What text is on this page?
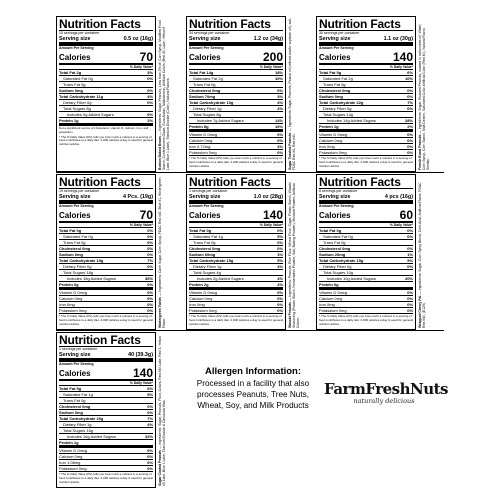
Nutrition Facts
15 servings per container
Serving size	0.5 oz (16g)
Amount Per Serving
Calories	70
% Daily Value*
Total Fat 2g	3%
Saturated Fat 0g	0%
Trans Fat 0g
Sodium 0mg	0%
Total Carbohydrate 11g	4%
Dietary Fiber 0g	0%
Total Sugars 8g
Includes 0g Added Sugars	0%
Protein 1g	2%
Not a significant source of cholesterol, vitamin D, calcium, iron, and potassium.
* The % Daily Value (DV) tells you how much a nutrient in a serving of food contributes to a daily diet. 2,000 calories a day is used for general nutrition advice.	Boston Baked Beans — Ingredients: Sugar, Peanuts, Less than 2% of: Corn Syrup, Modified Food Starch, Confectioners Glaze, Gum Arabic, Maltodextrin, Artificial Colors (Red 40, Lake, Yellow 6 Lake, Blue 1 Lake), Titanium Dioxide (Color), Natural Flavors.
Nutrition Facts
34 servings per container
Serving size	1.2 oz (34g)
Amount Per Serving
Calories	200
% Daily Value*
Total Fat 14g	18%
Saturated Fat 2g	10%
Trans Fat 0g
Cholesterol 0mg	0%
Sodium 70mg	3%
Total Carbohydrate 10g	4%
Dietary Fiber 1g	4%
Total Sugars 8g
Includes 7g Added Sugars	14%
Protein 8g	16%
Vitamin D 0mcg	0%
Calcium 0mg	0%
Iron 0.72mg	4%
Potassium 0mg	0%
* The % Daily Value (DV) tells you how much a nutrient in a serving of food contributes to a daily diet. 2,000 calories a day is used for general nutrition advice.	Sugar Toasted Peanuts — Ingredients: Sugar, Peanuts, Peanut oil (refined and/or soybean oil), salt, FD&C Red #3, Red #40.
Nutrition Facts
30 servings per container
Serving size	1.1 oz (30g)
Amount Per Serving
Calories	140
% Daily Value*
Total Fat 5g	6%
Saturated Fat 2g	10%
Trans Fat 0g
Cholesterol 0mg	0%
Sodium 0mg	0%
Total Carbohydrate 22g	7%
Dietary Fiber 0g	0%
Total Sugars 14g
Includes 14g Added Sugars	28%
Protein 1g	2%
Vitamin D 0mcg	0%
Calcium 0mg	0%
Iron 0mg	0%
Potassium 0mg	0%
* The % Daily Value (DV) tells you how much a nutrient in a serving of food contributes to a daily diet. 2,000 calories a day is used for general nutrition advice.	French Burnt Peanuts — Ingredients: Sugar, Roasted Peanuts, roasted in cottonseed oil, Water, Corn Syrup, Corn Starch, Malt Dextrin, Saturated Color Artificial Color (Red 40), Natural Flavor, Shellac.
Nutrition Facts
19 servings per container
Serving size	4 Pcs. (19g)
Amount Per Serving
Calories	70
% Daily Value*
Total Fat 0g	0%
Saturated Fat 0g	0%
Trans Fat 0g	0%
Cholesterol 0mg	0%
Sodium 0mg	0%
Total Carbohydrate 19g	7%
Dietary Fiber 0g	0%
Total Sugars 18g
Includes 18g Added Sugars	36%
Protein 0g	0%
Vitamin D 0mcg	0%
Calcium 0mg	0%
Iron 0mg	0%
Potassium 0mg	0%
* The % Daily Value (DV) tells you how much a nutrient in a serving of food contributes to a daily diet. 2,000 calories a day is used for general nutrition advice.	Wintergreen Twists — Ingredients: Cane Sugar, Corn Syrup, FD&C Red #40, Blue #1, Wintergreen Flavor.
Nutrition Facts
1 servings per container
Serving size	1.0 oz (28g)
Amount Per Serving
Calories	140
% Daily Value*
Total Fat 0g	0%
Saturated Fat 1g	5%
Trans Fat 0g	0%
Cholesterol 0mg	0%
Sodium 60mg	3%
Total Carbohydrate 15g	5%
Dietary Fiber 1g	4%
Total Sugars 4g
Includes 2g Added Sugars	4%
Protein 2g	4%
Vitamin D 0mcg	0%
Calcium 0mg	0%
Iron 0mg	0%
Potassium 0mg	0%
* The % Daily Value (DV) tells you how much a nutrient in a serving of food contributes to a daily diet. 2,000 calories a day is used for general nutrition advice.	Wasabi Peanuts — Ingredients: Peanuts, Rice Flour, Wheat Flour, Sugar, Potato Starch, Wasabi Seasoning (Potato Starch, Horseradish Powder, Salt, Baking Powder), Mustard Powder, Artificial Colors.
Nutrition Facts
8 servings per container
Serving size	4 pcs (16g)
Amount Per Serving
Calories	60
% Daily Value*
Total Fat 0g	0%
Saturated Fat 0g	0%
Trans Fat 0g
Cholesterol 0mg	0%
Sodium 20mg	1%
Total Carbohydrate 15g	5%
Dietary Fiber 0g	0%
Total Sugars 10g
Includes 10g Added Sugars	20%
Protein 0g
Vitamin D 0mcg	0%
Calcium 0mg	0%
Iron 0mg	0%
Potassium 0mg	0%
* The % Daily Value (DV) tells you how much a nutrient in a serving of food contributes to a daily diet. 2,000 calories a day is used for general nutrition advice.	Wrapped Cherry Pal — Ingredients: Sugar, Corn Syrup Blend, Citric Acid, Artificial Flavor, FD&C Red #40, (E129).
Nutrition Facts
1 servings per container
Serving size	40 (39.3g)
Amount Per Serving
Calories	140
% Daily Value*
Total Fat 5g	6%
Saturated Fat 1g	5%
Trans Fat 0g
Cholesterol 0mg	0%
Sodium 0mg	0%
Total Carbohydrate 20g	7%
Dietary Fiber 1g	4%
Total Sugars 16g
Includes 16g Added Sugars	32%
Protein 1g
Vitamin D 0mcg	0%
Calcium 0mg	0%
Iron 1.08mg	6%
Potassium 0mg	0%
* The % Daily Value (DV) tells you how much a nutrient in a serving of food contributes to a daily diet. 2,000 calories a day is used for general nutrition advice.	Sugar Coated Peanuts — Ingredients: Sugar, Peanuts, Flour, Colors, Red #40 Lake, Red 3, Yellow #5 Lake, Blue 1 Lake, Titanium Dioxide & Carnauba Wax.
Allergen Information:
Processed in a facility that also processes Peanuts, Tree Nuts, Wheat, Soy, and Milk Products
FarmFreshNuts
naturally delicious
